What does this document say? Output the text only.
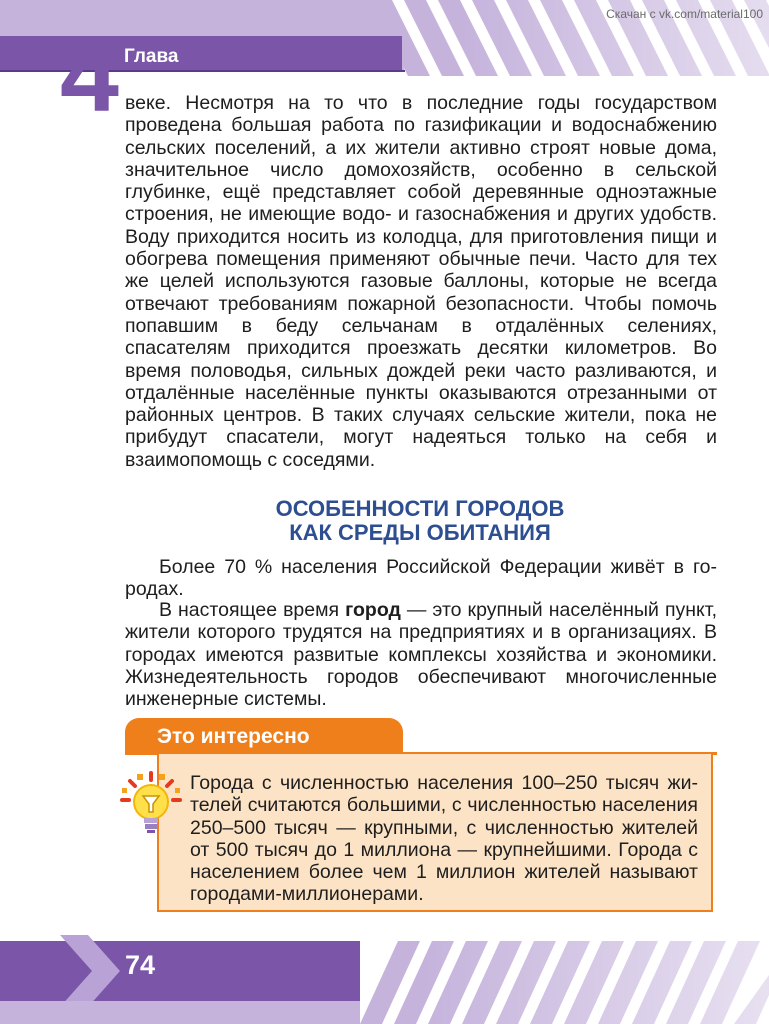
Скачан с vk.com/material100
4 Глава

веке. Несмотря на то что в последние годы государством проведена большая работа по газификации и водоснабжению сельских поселений, а их жители активно строят новые дома, значительное число домохозяйств, особенно в сельской глубинке, ещё представляет собой деревянные одноэтажные строения, не имеющие водо- и газоснабжения и других удобств. Воду приходится носить из колодца, для приготовления пищи и обогрева помещения применяют обычные печи. Часто для тех же целей используются газовые баллоны, которые не всегда отвечают требованиям пожарной безопасности. Чтобы помочь попавшим в беду сельчанам в отдалённых селениях, спасателям приходится проезжать десятки километров. Во время половодья, сильных дождей реки часто разливаются, и отдалённые населённые пункты оказываются отрезанными от районных центров. В таких случаях сельские жители, пока не прибудут спасатели, могут надеяться только на себя и взаимопомощь с соседями.

ОСОБЕННОСТИ ГОРОДОВ
КАК СРЕДЫ ОБИТАНИЯ

Более 70 % населения Российской Федерации живёт в городах.

В настоящее время город — это крупный населённый пункт, жители которого трудятся на предприятиях и в организациях. В городах имеются развитые комплексы хозяйства и экономики. Жизнедеятельность городов обеспечивают многочисленные инженерные системы.

Это интересно

Города с численностью населения 100–250 тысяч жителей считаются большими, с численностью населения 250–500 тысяч — крупными, с численностью жителей от 500 тысяч до 1 миллиона — крупнейшими. Города с населением более чем 1 миллион жителей называют городами-миллионерами.

74
